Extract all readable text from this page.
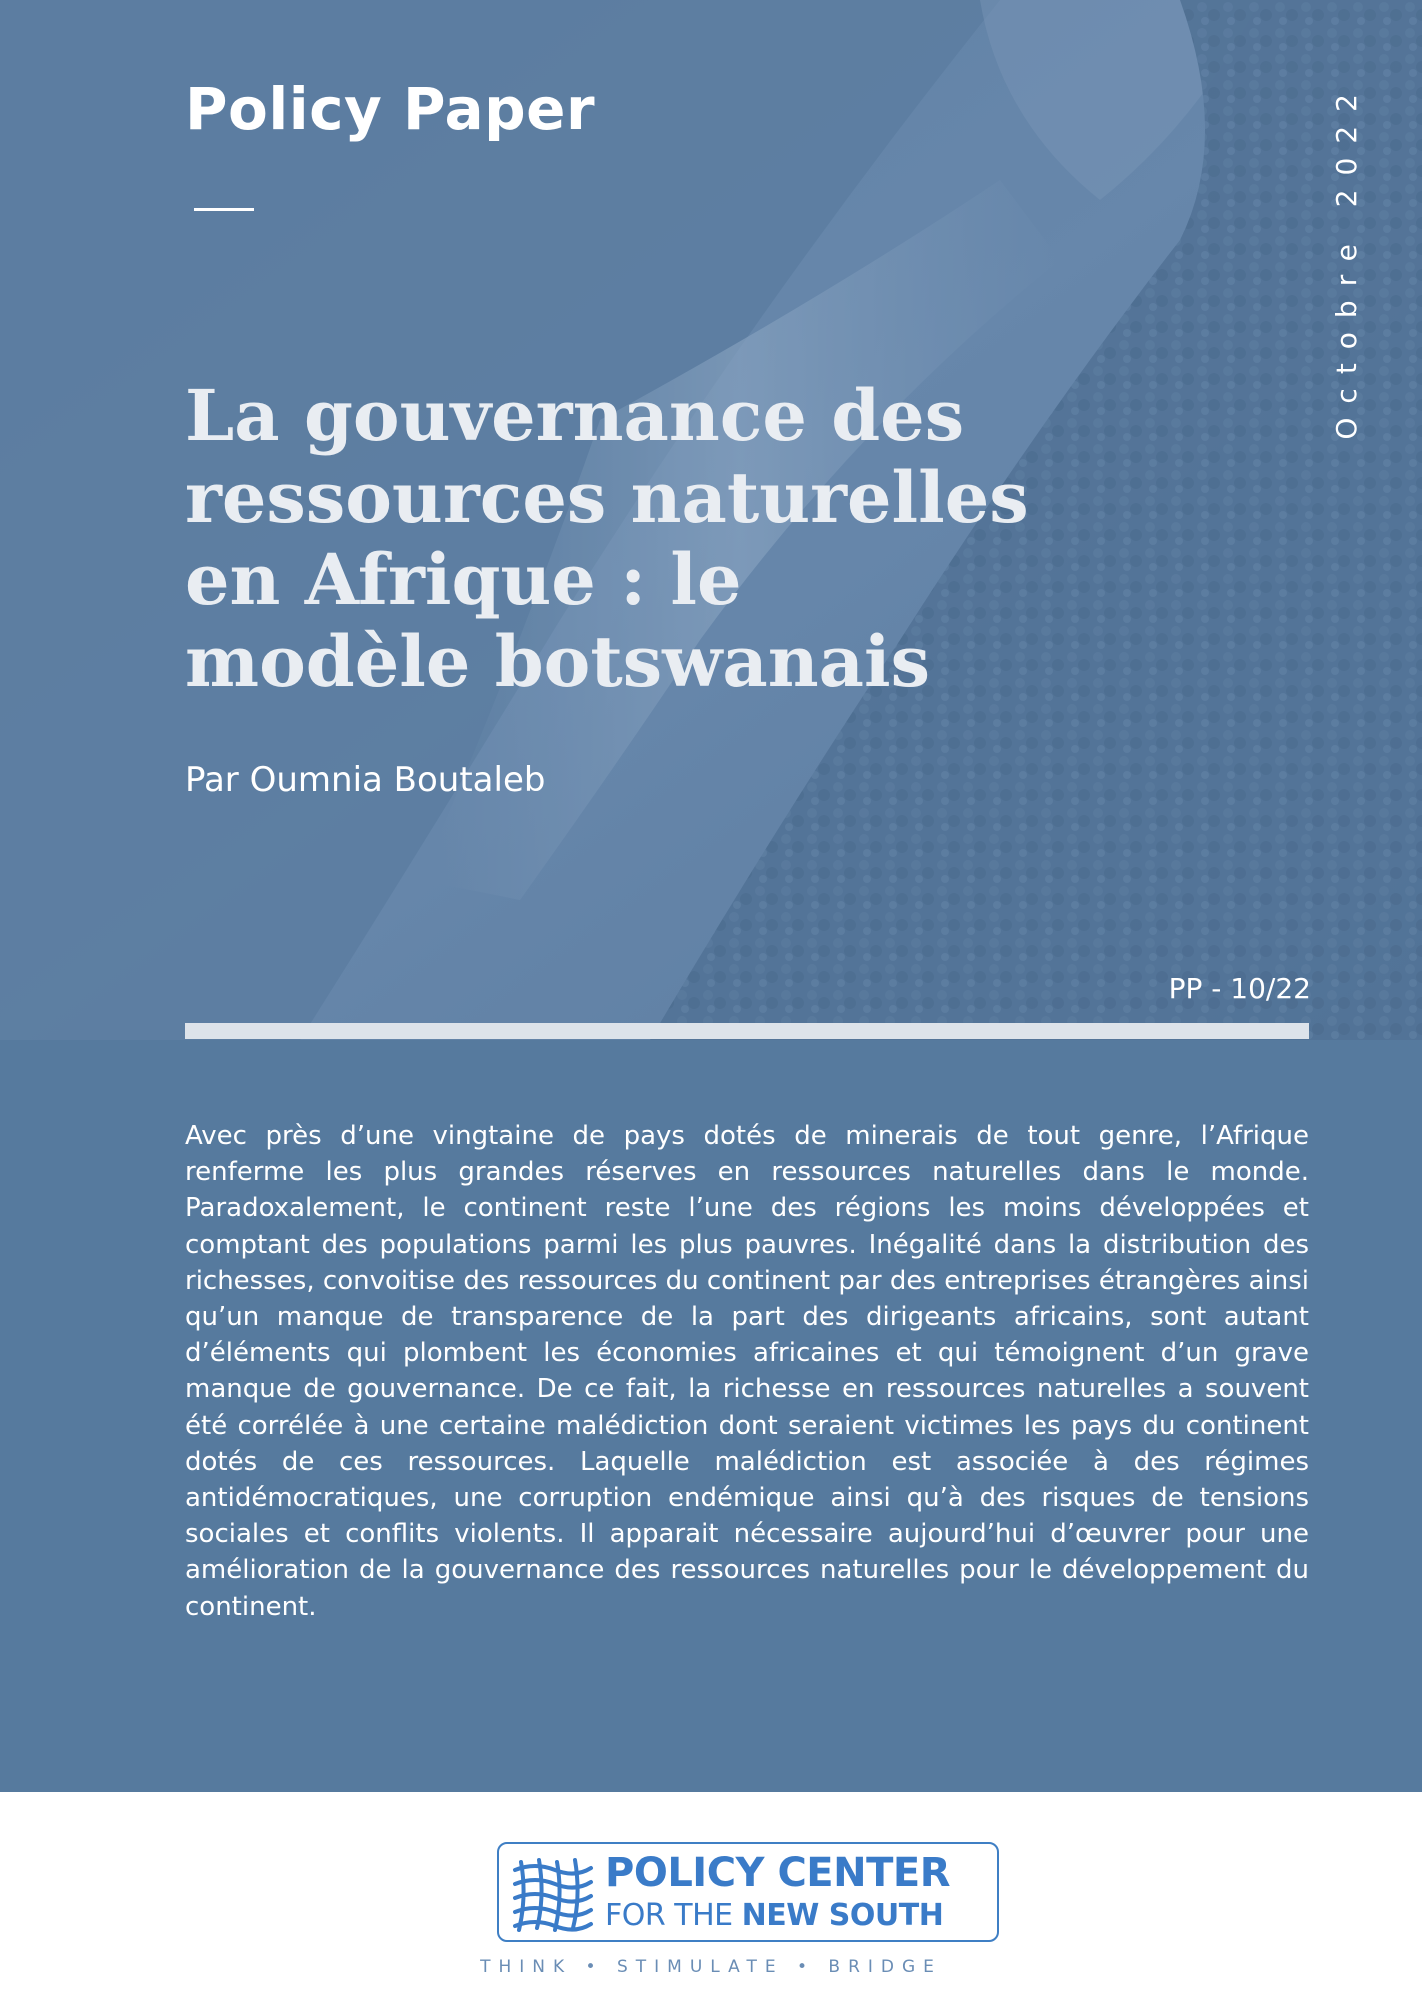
Policy Paper	Octobre 2022
La gouvernance des ressources naturelles en Afrique : le modèle botswanais
Par Oumnia Boutaleb
PP - 10/22

Avec près d’une vingtaine de pays dotés de minerais de tout genre, l’Afrique renferme les plus grandes réserves en ressources naturelles dans le monde. Paradoxalement, le continent reste l’une des régions les moins développées et comptant des populations parmi les plus pauvres. Inégalité dans la distribution des richesses, convoitise des ressources du continent par des entreprises étrangères ainsi qu’un manque de transparence de la part des dirigeants africains, sont autant d’éléments qui plombent les économies africaines et qui témoignent d’un grave manque de gouvernance. De ce fait, la richesse en ressources naturelles a souvent été corrélée à une certaine malédiction dont seraient victimes les pays du continent dotés de ces ressources. Laquelle malédiction est associée à des régimes antidémocratiques, une corruption endémique ainsi qu’à des risques de tensions sociales et conflits violents. Il apparait nécessaire aujourd’hui d’œuvrer pour une amélioration de la gouvernance des ressources naturelles pour le développement du continent.

POLICY CENTER
FOR THE NEW SOUTH
THINK • STIMULATE • BRIDGE
